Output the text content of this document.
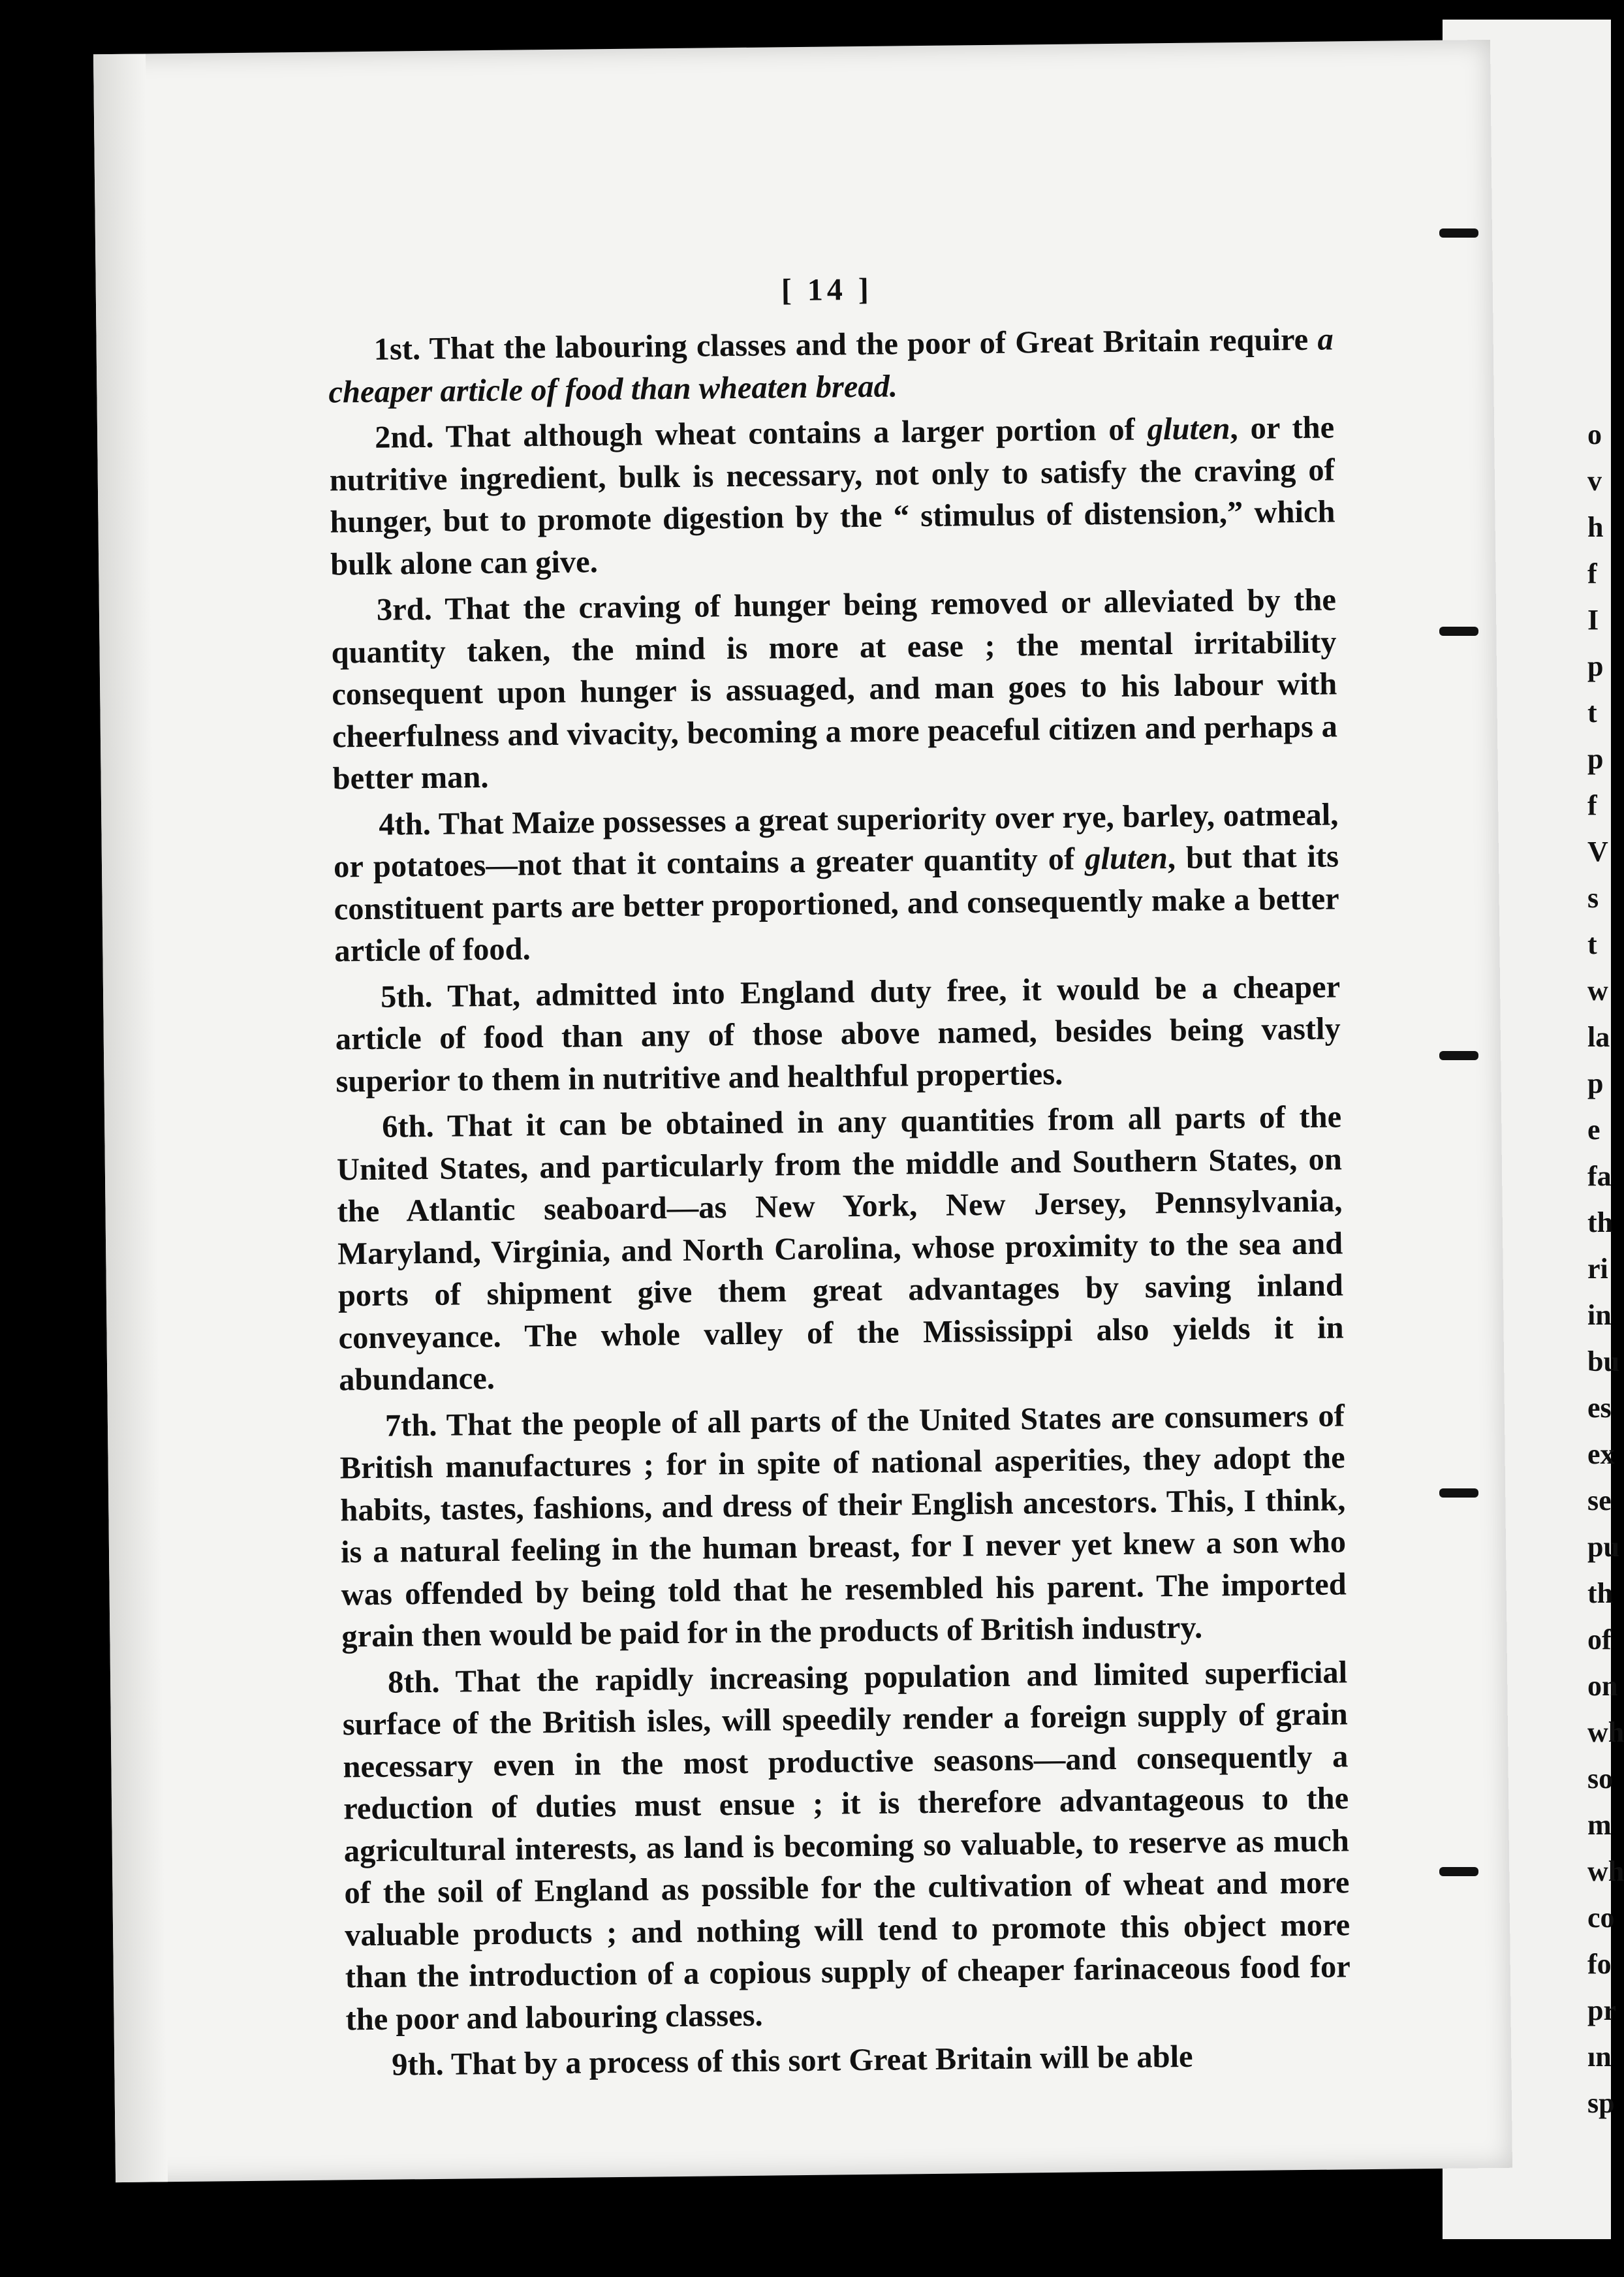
[ 14 ]

1st. That the labouring classes and the poor of Great Britain require a cheaper article of food than wheaten bread.

2nd. That although wheat contains a larger portion of gluten, or the nutritive ingredient, bulk is necessary, not only to satisfy the craving of hunger, but to promote digestion by the “ stimulus of distension,” which bulk alone can give.

3rd. That the craving of hunger being removed or alleviated by the quantity taken, the mind is more at ease ; the mental irritability consequent upon hunger is assuaged, and man goes to his labour with cheerfulness and vivacity, becoming a more peaceful citizen and perhaps a better man.

4th. That Maize possesses a great superiority over rye, barley, oatmeal, or potatoes—not that it contains a greater quantity of gluten, but that its constituent parts are better proportioned, and consequently make a better article of food.

5th. That, admitted into England duty free, it would be a cheaper article of food than any of those above named, besides being vastly superior to them in nutritive and healthful properties.

6th. That it can be obtained in any quantities from all parts of the United States, and particularly from the middle and Southern States, on the Atlantic seaboard—as New York, New Jersey, Pennsylvania, Maryland, Virginia, and North Carolina, whose proximity to the sea and ports of shipment give them great advantages by saving inland conveyance. The whole valley of the Mississippi also yields it in abundance.

7th. That the people of all parts of the United States are consumers of British manufactures ; for in spite of national asperities, they adopt the habits, tastes, fashions, and dress of their English ancestors. This, I think, is a natural feeling in the human breast, for I never yet knew a son who was offended by being told that he resembled his parent. The imported grain then would be paid for in the products of British industry.

8th. That the rapidly increasing population and limited superficial surface of the British isles, will speedily render a foreign supply of grain necessary even in the most productive seasons—and consequently a reduction of duties must ensue ; it is therefore advantageous to the agricultural interests, as land is becoming so valuable, to reserve as much of the soil of England as possible for the cultivation of wheat and more valuable products ; and nothing will tend to promote this object more than the introduction of a copious supply of cheaper farinaceous food for the poor and labouring classes.

9th. That by a process of this sort Great Britain will be able

o
v
h
f
I
p
t
p
f
V
s
t
w
la
p
e
fa
th
ri
in
bu
es
ex
se
pu
th
of
on
wh
so
m
wh
co
fo
pr
ın
sp
